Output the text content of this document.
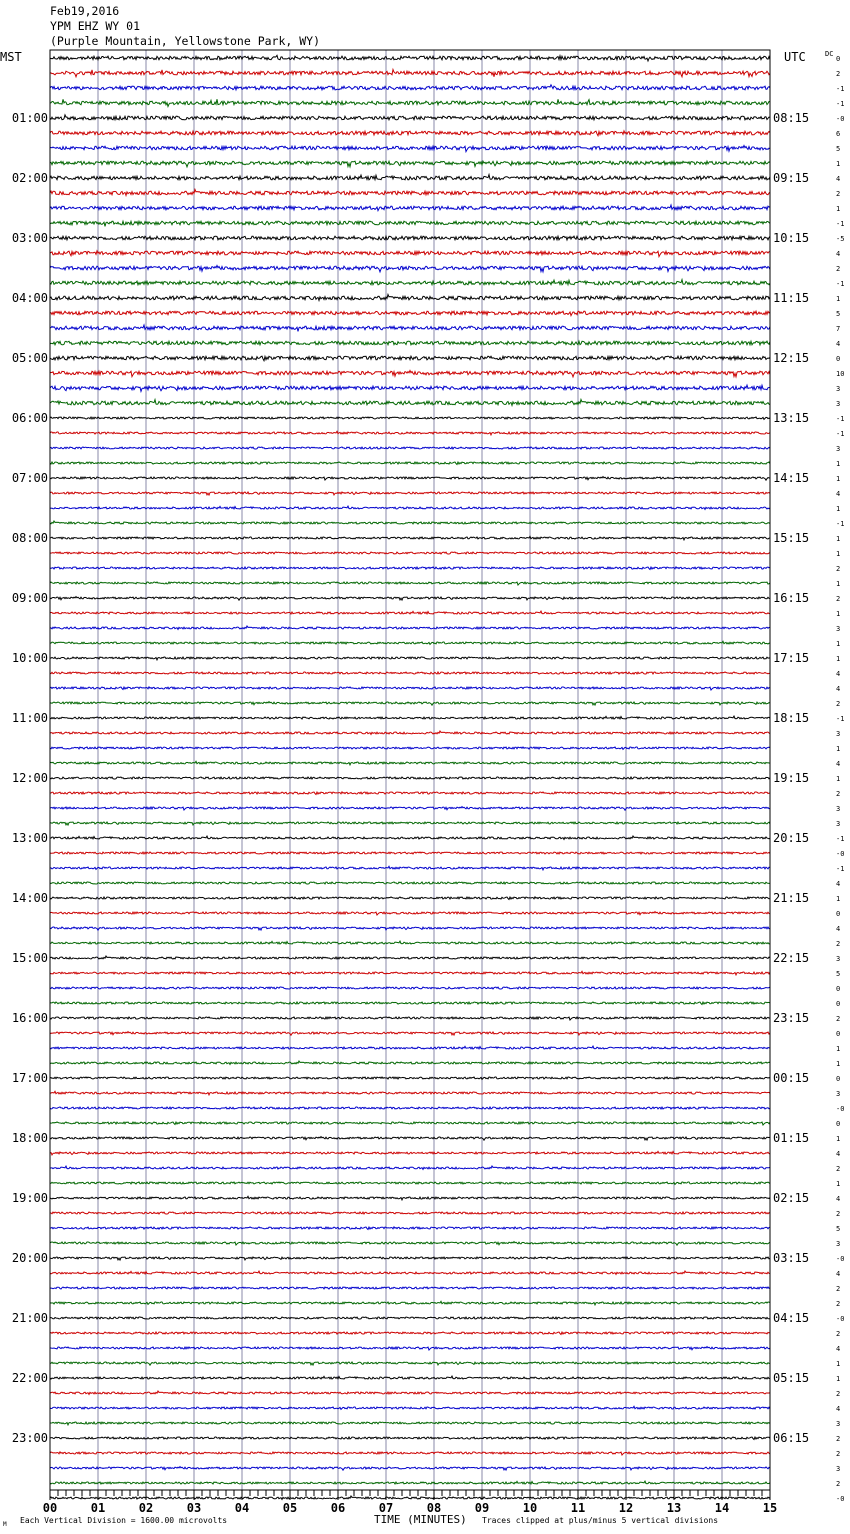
Feb19,2016
YPM EHZ WY 01
(Purple Mountain, Yellowstone Park, WY)
MST	UTC	DC
01:00
02:00
03:00
04:00
05:00
06:00
07:00
08:00
09:00
10:00
11:00
12:00
13:00
14:00
15:00
16:00
17:00
18:00
19:00
20:00
21:00
22:00
23:00
08:15
09:15
10:15
11:15
12:15
13:15
14:15
15:15
16:15
17:15
18:15
19:15
20:15
21:15
22:15
23:15
00:15
01:15
02:15
03:15
04:15
05:15
06:15
0
2
-1
-1
-0
6
5
1
4
2
1
-1
-5
4
2
-1
1
5
7
4
0
10
3
3
-1
-1
3
1
1
4
1
-1
1
1
2
1
2
1
3
1
1
4
4
2
-1
3
1
4
1
2
3
3
-1
-0
-1
4
1
0
4
2
3
5
0
0
2
0
1
1
0
3
-0
0
1
4
2
1
4
2
5
3
-0
4
2
2
-0
2
4
1
1
2
4
3
2
2
3
2
-0
00	01	02	03	04	05	06	07	08	09	10	11	12	13	14	15
TIME (MINUTES)
Each Vertical Division = 1600.00 microvolts	Traces clipped at plus/minus 5 vertical divisions
M
